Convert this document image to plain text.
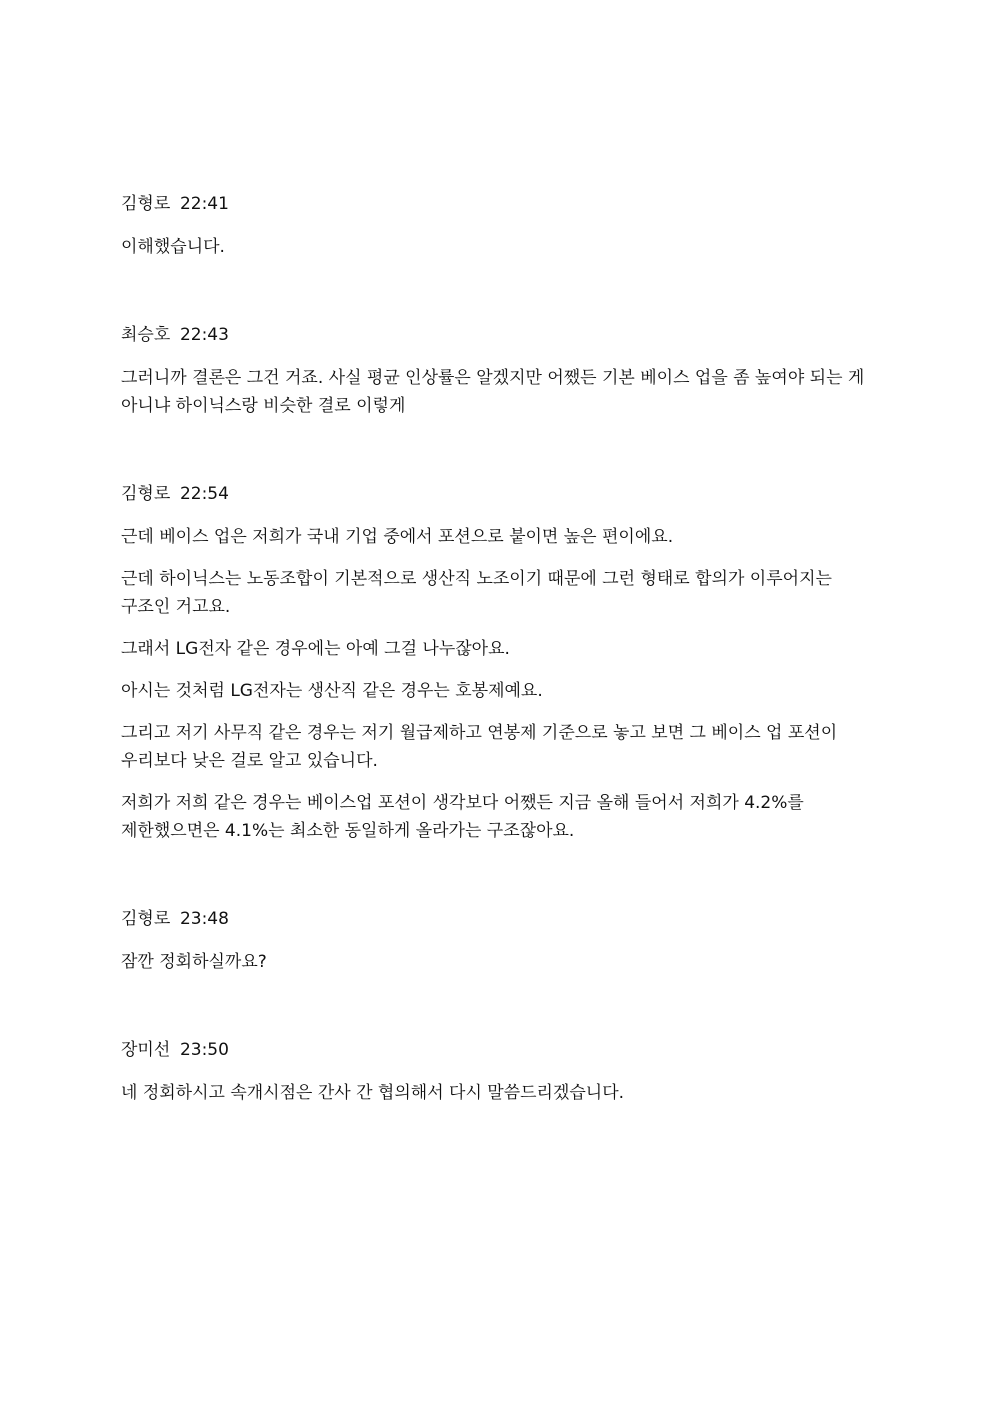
김형로 22:41

이해했습니다.

최승호 22:43

그러니까 결론은 그건 거죠. 사실 평균 인상률은 알겠지만 어쨌든 기본 베이스 업을 좀 높여야 되는 게 아니냐 하이닉스랑 비슷한 결로 이렇게

김형로 22:54

근데 베이스 업은 저희가 국내 기업 중에서 포션으로 붙이면 높은 편이에요.

근데 하이닉스는 노동조합이 기본적으로 생산직 노조이기 때문에 그런 형태로 합의가 이루어지는 구조인 거고요.

그래서 LG전자 같은 경우에는 아예 그걸 나누잖아요.

아시는 것처럼 LG전자는 생산직 같은 경우는 호봉제예요.

그리고 저기 사무직 같은 경우는 저기 월급제하고 연봉제 기준으로 놓고 보면 그 베이스 업 포션이 우리보다 낮은 걸로 알고 있습니다.

저희가 저희 같은 경우는 베이스업 포션이 생각보다 어쨌든 지금 올해 들어서 저희가 4.2%를 제한했으면은 4.1%는 최소한 동일하게 올라가는 구조잖아요.

김형로 23:48

잠깐 정회하실까요?

장미선 23:50

네 정회하시고 속개시점은 간사 간 협의해서 다시 말씀드리겠습니다.
